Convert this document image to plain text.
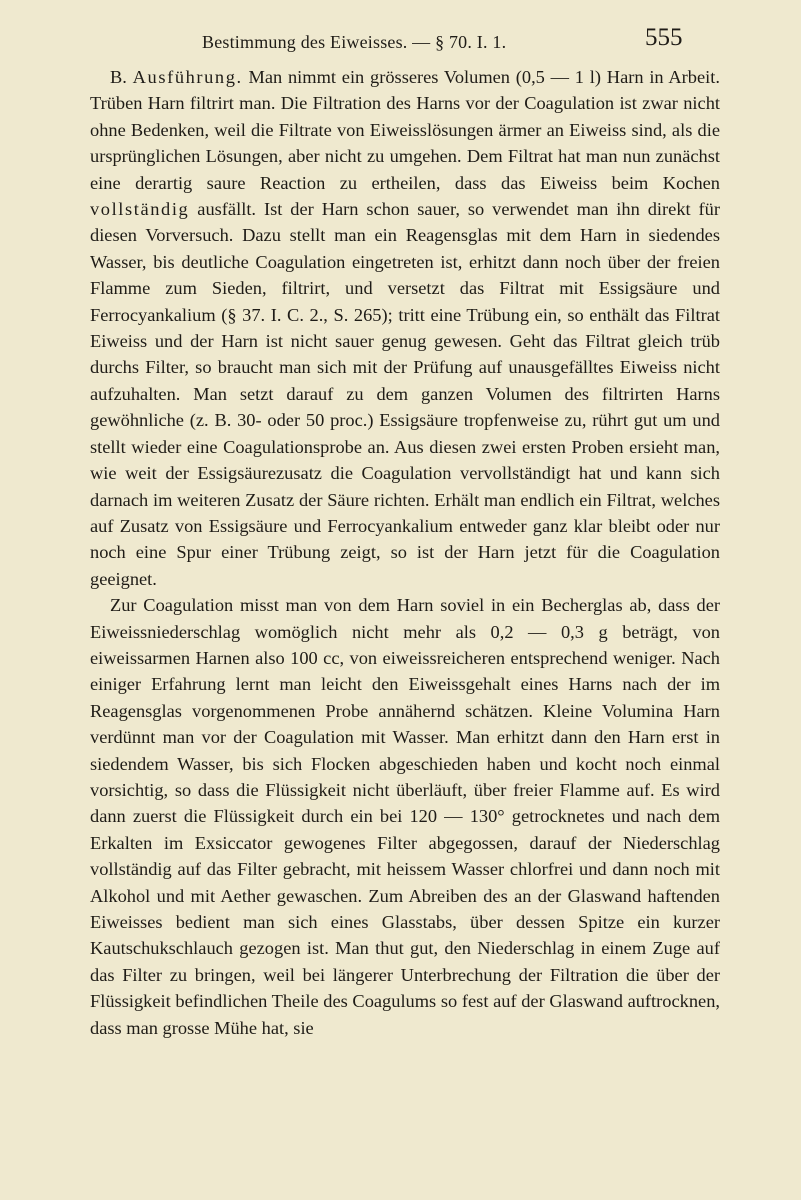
Bestimmung des Eiweisses. — § 70. I. 1.	555

B. Ausführung. Man nimmt ein grösseres Volumen (0,5 — 1 l) Harn in Arbeit. Trüben Harn filtrirt man. Die Filtration des Harns vor der Coagulation ist zwar nicht ohne Bedenken, weil die Filtrate von Eiweisslösungen ärmer an Eiweiss sind, als die ursprünglichen Lösungen, aber nicht zu umgehen. Dem Filtrat hat man nun zunächst eine derartig saure Reaction zu ertheilen, dass das Eiweiss beim Kochen vollständig ausfällt. Ist der Harn schon sauer, so verwendet man ihn direkt für diesen Vorversuch. Dazu stellt man ein Reagensglas mit dem Harn in siedendes Wasser, bis deutliche Coagulation eingetreten ist, erhitzt dann noch über der freien Flamme zum Sieden, filtrirt, und versetzt das Filtrat mit Essigsäure und Ferrocyankalium (§ 37. I. C. 2., S. 265); tritt eine Trübung ein, so enthält das Filtrat Eiweiss und der Harn ist nicht sauer genug gewesen. Geht das Filtrat gleich trüb durchs Filter, so braucht man sich mit der Prüfung auf unausgefälltes Eiweiss nicht aufzuhalten. Man setzt darauf zu dem ganzen Volumen des filtrirten Harns gewöhnliche (z. B. 30- oder 50 proc.) Essigsäure tropfenweise zu, rührt gut um und stellt wieder eine Coagulationsprobe an. Aus diesen zwei ersten Proben ersieht man, wie weit der Essigsäurezusatz die Coagulation vervollständigt hat und kann sich darnach im weiteren Zusatz der Säure richten. Erhält man endlich ein Filtrat, welches auf Zusatz von Essigsäure und Ferrocyankalium entweder ganz klar bleibt oder nur noch eine Spur einer Trübung zeigt, so ist der Harn jetzt für die Coagulation geeignet.

Zur Coagulation misst man von dem Harn soviel in ein Becherglas ab, dass der Eiweissniederschlag womöglich nicht mehr als 0,2 — 0,3 g beträgt, von eiweissarmen Harnen also 100 cc, von eiweissreicheren entsprechend weniger. Nach einiger Erfahrung lernt man leicht den Eiweissgehalt eines Harns nach der im Reagensglas vorgenommenen Probe annähernd schätzen. Kleine Volumina Harn verdünnt man vor der Coagulation mit Wasser. Man erhitzt dann den Harn erst in siedendem Wasser, bis sich Flocken abgeschieden haben und kocht noch einmal vorsichtig, so dass die Flüssigkeit nicht überläuft, über freier Flamme auf. Es wird dann zuerst die Flüssigkeit durch ein bei 120 — 130° getrocknetes und nach dem Erkalten im Exsiccator gewogenes Filter abgegossen, darauf der Niederschlag vollständig auf das Filter gebracht, mit heissem Wasser chlorfrei und dann noch mit Alkohol und mit Aether gewaschen. Zum Abreiben des an der Glaswand haftenden Eiweisses bedient man sich eines Glasstabs, über dessen Spitze ein kurzer Kautschukschlauch gezogen ist. Man thut gut, den Niederschlag in einem Zuge auf das Filter zu bringen, weil bei längerer Unterbrechung der Filtration die über der Flüssigkeit befindlichen Theile des Coagulums so fest auf der Glaswand auftrocknen, dass man grosse Mühe hat, sie
